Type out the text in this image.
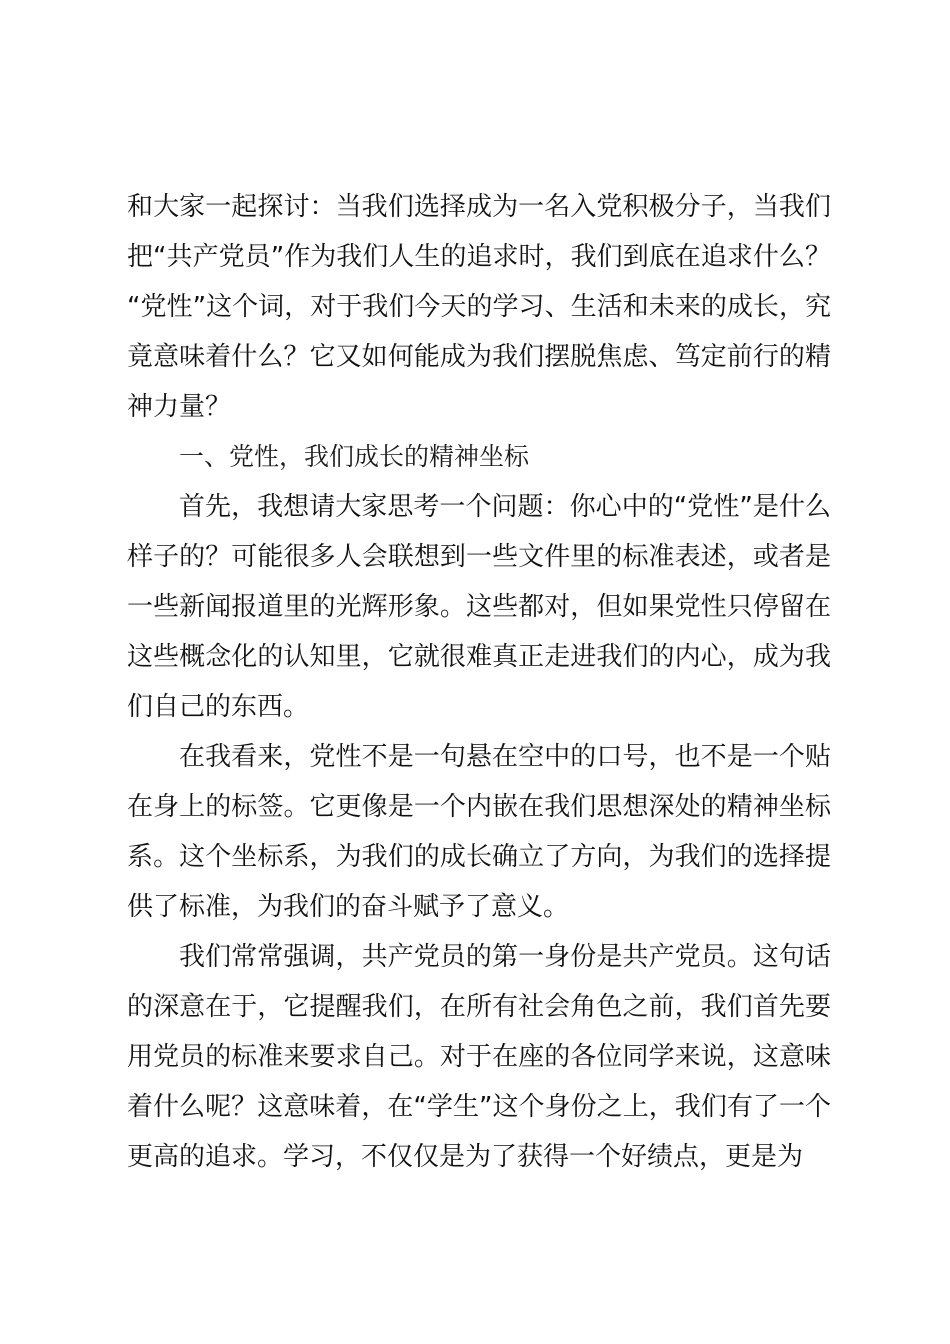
和大家一起探讨：当我们选择成为一名入党积极分子，当我们把“共产党员”作为我们人生的追求时，我们到底在追求什么？“党性”这个词，对于我们今天的学习、生活和未来的成长，究竟意味着什么？它又如何能成为我们摆脱焦虑、笃定前行的精神力量？

一、党性，我们成长的精神坐标

首先，我想请大家思考一个问题：你心中的“党性”是什么样子的？可能很多人会联想到一些文件里的标准表述，或者是一些新闻报道里的光辉形象。这些都对，但如果党性只停留在这些概念化的认知里，它就很难真正走进我们的内心，成为我们自己的东西。

在我看来，党性不是一句悬在空中的口号，也不是一个贴在身上的标签。它更像是一个内嵌在我们思想深处的精神坐标系。这个坐标系，为我们的成长确立了方向，为我们的选择提供了标准，为我们的奋斗赋予了意义。

我们常常强调，共产党员的第一身份是共产党员。这句话的深意在于，它提醒我们，在所有社会角色之前，我们首先要用党员的标准来要求自己。对于在座的各位同学来说，这意味着什么呢？这意味着，在“学生”这个身份之上，我们有了一个更高的追求。学习，不仅仅是为了获得一个好绩点，更是为
